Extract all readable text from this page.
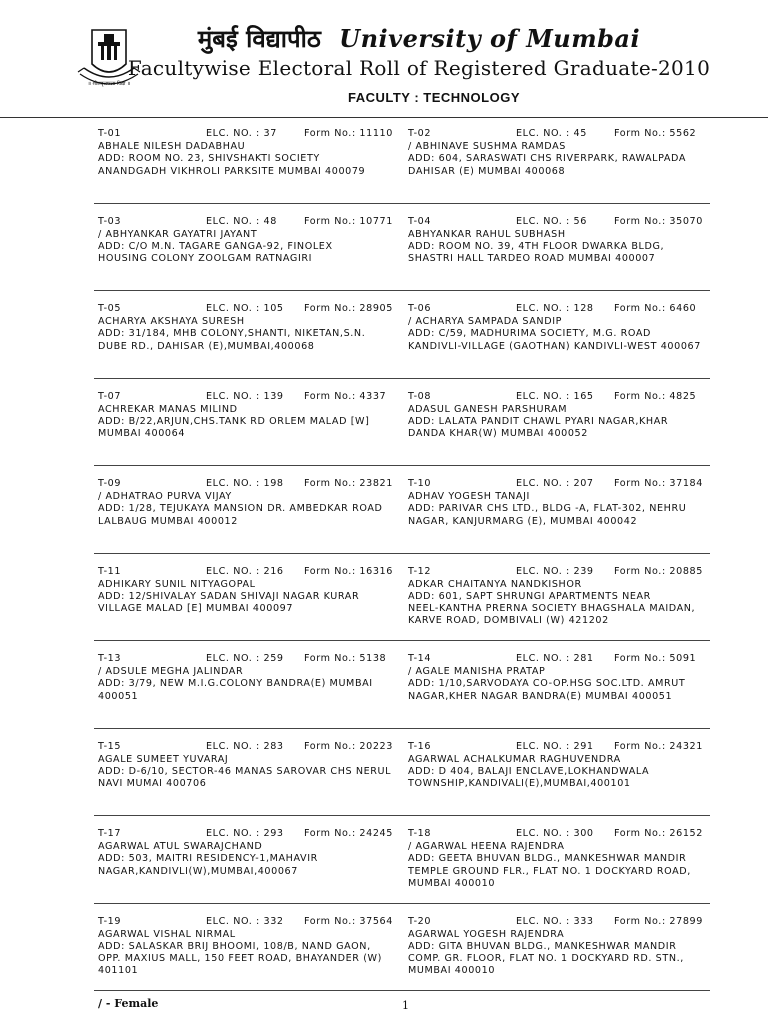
॥ शीलवृत्तफला विद्या ॥
मुंबई विद्यापीठ University of Mumbai
Facultywise Electoral Roll of Registered Graduate-2010
FACULTY : TECHNOLOGY
T-01	ELC. NO. : 37	Form No.: 11110
ABHALE NILESH DADABHAU
ADD: ROOM NO. 23, SHIVSHAKTI SOCIETY
ANANDGADH VIKHROLI PARKSITE MUMBAI 400079
T-02	ELC. NO. : 45	Form No.: 5562
/ ABHINAVE SUSHMA RAMDAS
ADD: 604, SARASWATI CHS RIVERPARK, RAWALPADA
DAHISAR (E) MUMBAI 400068
T-03	ELC. NO. : 48	Form No.: 10771
/ ABHYANKAR GAYATRI JAYANT
ADD: C/O M.N. TAGARE GANGA-92, FINOLEX
HOUSING COLONY ZOOLGAM RATNAGIRI
T-04	ELC. NO. : 56	Form No.: 35070
ABHYANKAR RAHUL SUBHASH
ADD: ROOM NO. 39, 4TH FLOOR DWARKA BLDG,
SHASTRI HALL TARDEO ROAD MUMBAI 400007
T-05	ELC. NO. : 105	Form No.: 28905
ACHARYA AKSHAYA SURESH
ADD: 31/184, MHB COLONY,SHANTI, NIKETAN,S.N.
DUBE RD., DAHISAR (E),MUMBAI,400068
T-06	ELC. NO. : 128	Form No.: 6460
/ ACHARYA SAMPADA SANDIP
ADD: C/59, MADHURIMA SOCIETY, M.G. ROAD
KANDIVLI-VILLAGE (GAOTHAN) KANDIVLI-WEST 400067
T-07	ELC. NO. : 139	Form No.: 4337
ACHREKAR MANAS MILIND
ADD: B/22,ARJUN,CHS.TANK RD ORLEM MALAD [W]
MUMBAI 400064
T-08	ELC. NO. : 165	Form No.: 4825
ADASUL GANESH PARSHURAM
ADD: LALATA PANDIT CHAWL PYARI NAGAR,KHAR
DANDA KHAR(W) MUMBAI 400052
T-09	ELC. NO. : 198	Form No.: 23821
/ ADHATRAO PURVA VIJAY
ADD: 1/28, TEJUKAYA MANSION DR. AMBEDKAR ROAD
LALBAUG MUMBAI 400012
T-10	ELC. NO. : 207	Form No.: 37184
ADHAV YOGESH TANAJI
ADD: PARIVAR CHS LTD., BLDG -A, FLAT-302, NEHRU
NAGAR, KANJURMARG (E), MUMBAI 400042
T-11	ELC. NO. : 216	Form No.: 16316
ADHIKARY SUNIL NITYAGOPAL
ADD: 12/SHIVALAY SADAN SHIVAJI NAGAR KURAR
VILLAGE MALAD [E] MUMBAI 400097
T-12	ELC. NO. : 239	Form No.: 20885
ADKAR CHAITANYA NANDKISHOR
ADD: 601, SAPT SHRUNGI APARTMENTS NEAR
NEEL-KANTHA PRERNA SOCIETY BHAGSHALA MAIDAN,
KARVE ROAD, DOMBIVALI (W) 421202
T-13	ELC. NO. : 259	Form No.: 5138
/ ADSULE MEGHA JALINDAR
ADD: 3/79, NEW M.I.G.COLONY BANDRA(E) MUMBAI
400051
T-14	ELC. NO. : 281	Form No.: 5091
/ AGALE MANISHA PRATAP
ADD: 1/10,SARVODAYA CO-OP.HSG SOC.LTD. AMRUT
NAGAR,KHER NAGAR BANDRA(E) MUMBAI 400051
T-15	ELC. NO. : 283	Form No.: 20223
AGALE SUMEET YUVARAJ
ADD: D-6/10, SECTOR-46 MANAS SAROVAR CHS NERUL
NAVI MUMAI 400706
T-16	ELC. NO. : 291	Form No.: 24321
AGARWAL ACHALKUMAR RAGHUVENDRA
ADD: D 404, BALAJI ENCLAVE,LOKHANDWALA
TOWNSHIP,KANDIVALI(E),MUMBAI,400101
T-17	ELC. NO. : 293	Form No.: 24245
AGARWAL ATUL SWARAJCHAND
ADD: 503, MAITRI RESIDENCY-1,MAHAVIR
NAGAR,KANDIVLI(W),MUMBAI,400067
T-18	ELC. NO. : 300	Form No.: 26152
/ AGARWAL HEENA RAJENDRA
ADD: GEETA BHUVAN BLDG., MANKESHWAR MANDIR
TEMPLE GROUND FLR., FLAT NO. 1 DOCKYARD ROAD,
MUMBAI 400010
T-19	ELC. NO. : 332	Form No.: 37564
AGARWAL VISHAL NIRMAL
ADD: SALASKAR BRIJ BHOOMI, 108/B, NAND GAON,
OPP. MAXIUS MALL, 150 FEET ROAD, BHAYANDER (W)
401101
T-20	ELC. NO. : 333	Form No.: 27899
AGARWAL YOGESH RAJENDRA
ADD: GITA BHUVAN BLDG., MANKESHWAR MANDIR
COMP. GR. FLOOR, FLAT NO. 1 DOCKYARD RD. STN.,
MUMBAI 400010
/ - Female	1
